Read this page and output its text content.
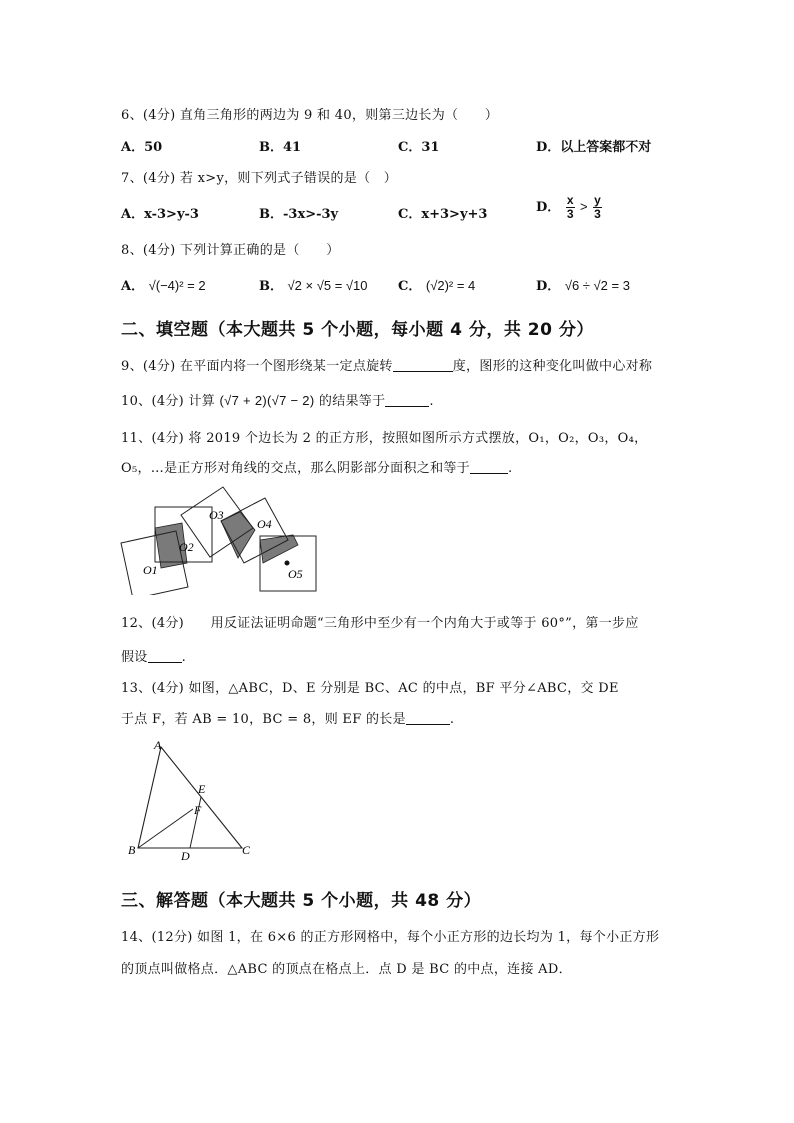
6、(4分) 直角三角形的两边为 9 和 40，则第三边长为（　　）
A．50	B．41	C．31	D．以上答案都不对
7、(4分) 若 x>y，则下列式子错误的是（　）
A．x-3>y-3	B．-3x>-3y	C．x+3>y+3	D． $\frac{x}{3} > \frac{y}{3}$
8、(4分) 下列计算正确的是（　　）
A． √(−4)² = 2	B． √2 × √5 = √10 C． (√2)² = 4	D． √6 ÷ √2 = 3
二、填空题（本大题共 5 个小题，每小题 4 分，共 20 分）
9、(4分) 在平面内将一个图形绕某一定点旋转	度，图形的这种变化叫做中心对称
10、(4分) 计算 (√7 + 2)(√7 − 2) 的结果等于	.
11、(4分) 将 2019 个边长为 2 的正方形，按照如图所示方式摆放，O₁，O₂，O₃，O₄，
O₅，…是正方形对角线的交点，那么阴影部分面积之和等于	.
O1
O2
O3
O4
O5
12、(4分)　　用反证法证明命题“三角形中至少有一个内角大于或等于 60°”，第一步应
假设	.
13、(4分) 如图，△ABC，D、E 分别是 BC、AC 的中点，BF 平分∠ABC，交 DE
于点 F，若 AB = 10，BC = 8，则 EF 的长是	.
A
B	C
D
E
F
三、解答题（本大题共 5 个小题，共 48 分）
14、(12分) 如图 1，在 6×6 的正方形网格中，每个小正方形的边长均为 1，每个小正方形
的顶点叫做格点．△ABC 的顶点在格点上．点 D 是 BC 的中点，连接 AD．
